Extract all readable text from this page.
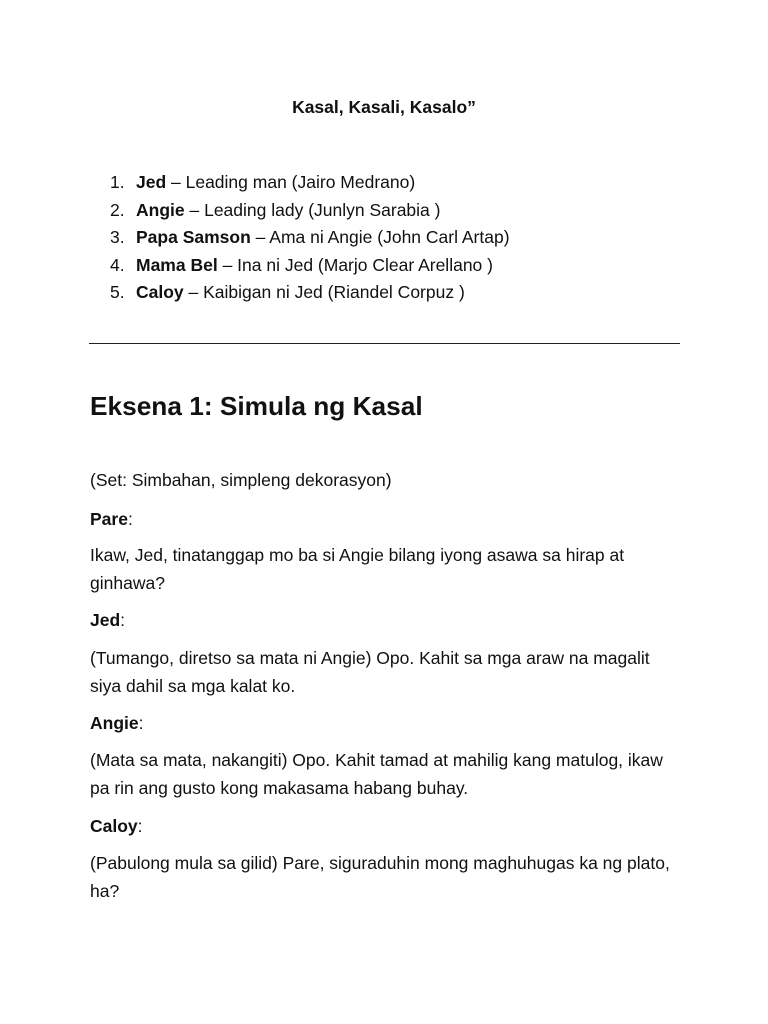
Kasal, Kasali, Kasalo”
1. Jed – Leading man (Jairo Medrano)
2. Angie – Leading lady (Junlyn Sarabia )
3. Papa Samson – Ama ni Angie (John Carl Artap)
4. Mama Bel – Ina ni Jed (Marjo Clear Arellano )
5. Caloy – Kaibigan ni Jed (Riandel Corpuz )
Eksena 1: Simula ng Kasal

(Set: Simbahan, simpleng dekorasyon)

Pare:

Ikaw, Jed, tinatanggap mo ba si Angie bilang iyong asawa sa hirap at ginhawa?

Jed:

(Tumango, diretso sa mata ni Angie) Opo. Kahit sa mga araw na magalit siya dahil sa mga kalat ko.

Angie:

(Mata sa mata, nakangiti) Opo. Kahit tamad at mahilig kang matulog, ikaw pa rin ang gusto kong makasama habang buhay.

Caloy:

(Pabulong mula sa gilid) Pare, siguraduhin mong maghuhugas ka ng plato, ha?
